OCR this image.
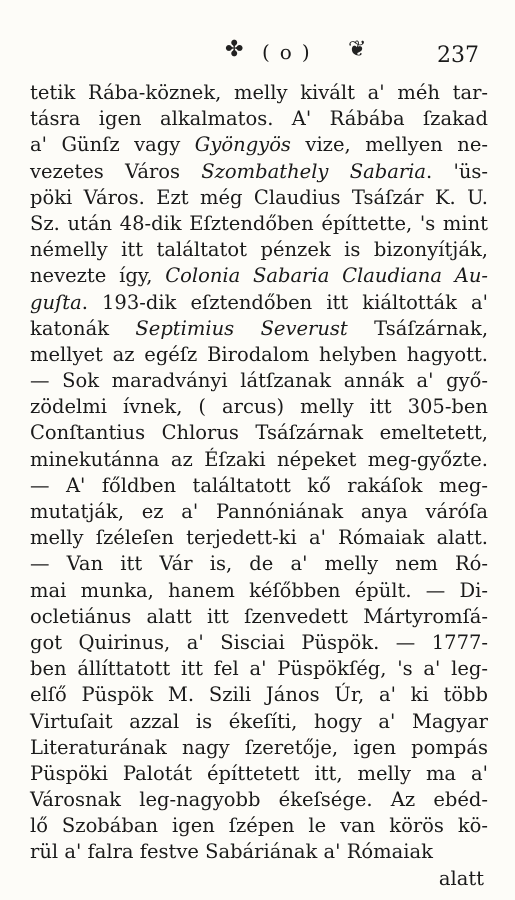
✤ (o) ❦	237
tetik Rába-köznek, melly kivált a' méh tar-
tásra igen alkalmatos. A' Rábába ſzakad
a' Günſz vagy Gyöngyös vize, mellyen ne-
vezetes Város Szombathely Sabaria. 'üs-
pöki Város. Ezt még Claudius Tsáſzár K. U.
Sz. után 48-dik Eſztendőben építtette, 's mint
némelly itt találtatot pénzek is bizonyítják,
nevezte így, Colonia Sabaria Claudiana Au-
guſta. 193-dik eſztendőben itt kiáltották a'
katonák Septimius Severust Tsáſzárnak,
mellyet az egéſz Birodalom helyben hagyott.
— Sok maradványi látſzanak annák a' győ-
zödelmi ívnek, ( arcus) melly itt 305-ben
Conſtantius Chlorus Tsáſzárnak emeltetett,
minekutánna az Éſzaki népeket meg-győzte.
— A' főldben találtatott kő rakáſok meg-
mutatják, ez a' Pannóniának anya váróſa
melly ſzéleſen terjedett-ki a' Rómaiak alatt.
— Van itt Vár is, de a' melly nem Ró-
mai munka, hanem kéſőbben épült. — Di-
ocletiánus alatt itt ſzenvedett Mártyromſá-
got Quirinus, a' Sisciai Püspök. — 1777-
ben állíttatott itt fel a' Püspökſég, 's a' leg-
elſő Püspök M. Szili János Úr, a' ki több
Virtuſait azzal is ékeſíti, hogy a' Magyar
Literaturának nagy ſzeretője, igen pompás
Püspöki Palotát építtetett itt, melly ma a'
Városnak leg-nagyobb ékeſsége. Az ebéd-
lő Szobában igen ſzépen le van körös kö-
rül a' falra festve Sabáriának a' Rómaiak
alatt
